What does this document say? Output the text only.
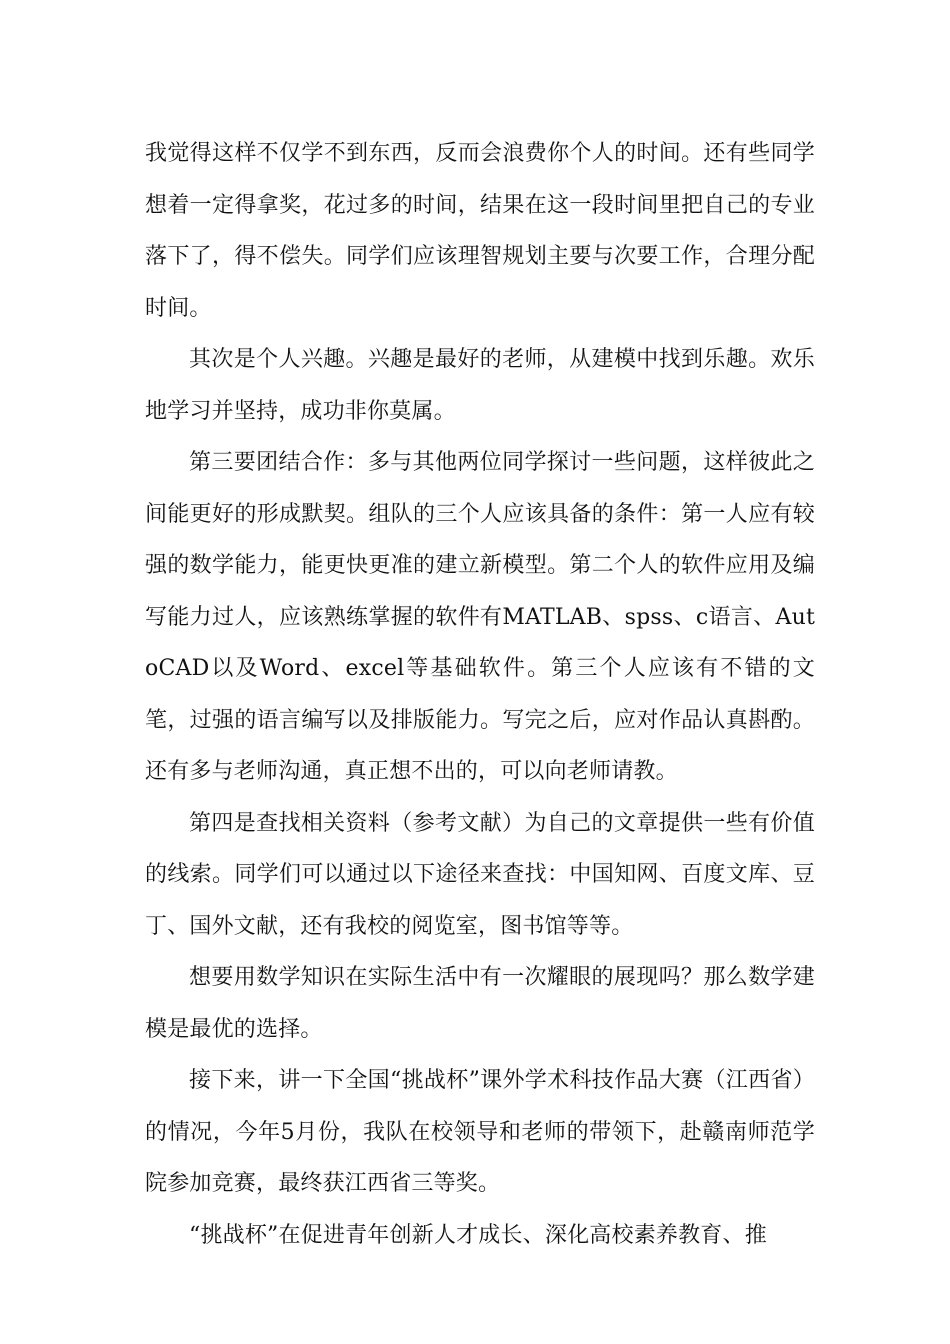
我觉得这样不仅学不到东西，反而会浪费你个人的时间。还有些同学想着一定得拿奖，花过多的时间，结果在这一段时间里把自己的专业落下了，得不偿失。同学们应该理智规划主要与次要工作，合理分配时间。

其次是个人兴趣。兴趣是最好的老师，从建模中找到乐趣。欢乐地学习并坚持，成功非你莫属。

第三要团结合作：多与其他两位同学探讨一些问题，这样彼此之间能更好的形成默契。组队的三个人应该具备的条件：第一人应有较强的数学能力，能更快更准的建立新模型。第二个人的软件应用及编写能力过人，应该熟练掌握的软件有MATLAB、spss、c语言、AutoCAD以及Word、excel等基础软件。第三个人应该有不错的文笔，过强的语言编写以及排版能力。写完之后，应对作品认真斟酌。还有多与老师沟通，真正想不出的，可以向老师请教。

第四是查找相关资料（参考文献）为自己的文章提供一些有价值的线索。同学们可以通过以下途径来查找：中国知网、百度文库、豆丁、国外文献，还有我校的阅览室，图书馆等等。

想要用数学知识在实际生活中有一次耀眼的展现吗？那么数学建模是最优的选择。

接下来，讲一下全国“挑战杯”课外学术科技作品大赛（江西省）的情况，今年5月份，我队在校领导和老师的带领下，赴赣南师范学院参加竞赛，最终获江西省三等奖。

“挑战杯”在促进青年创新人才成长、深化高校素养教育、推
